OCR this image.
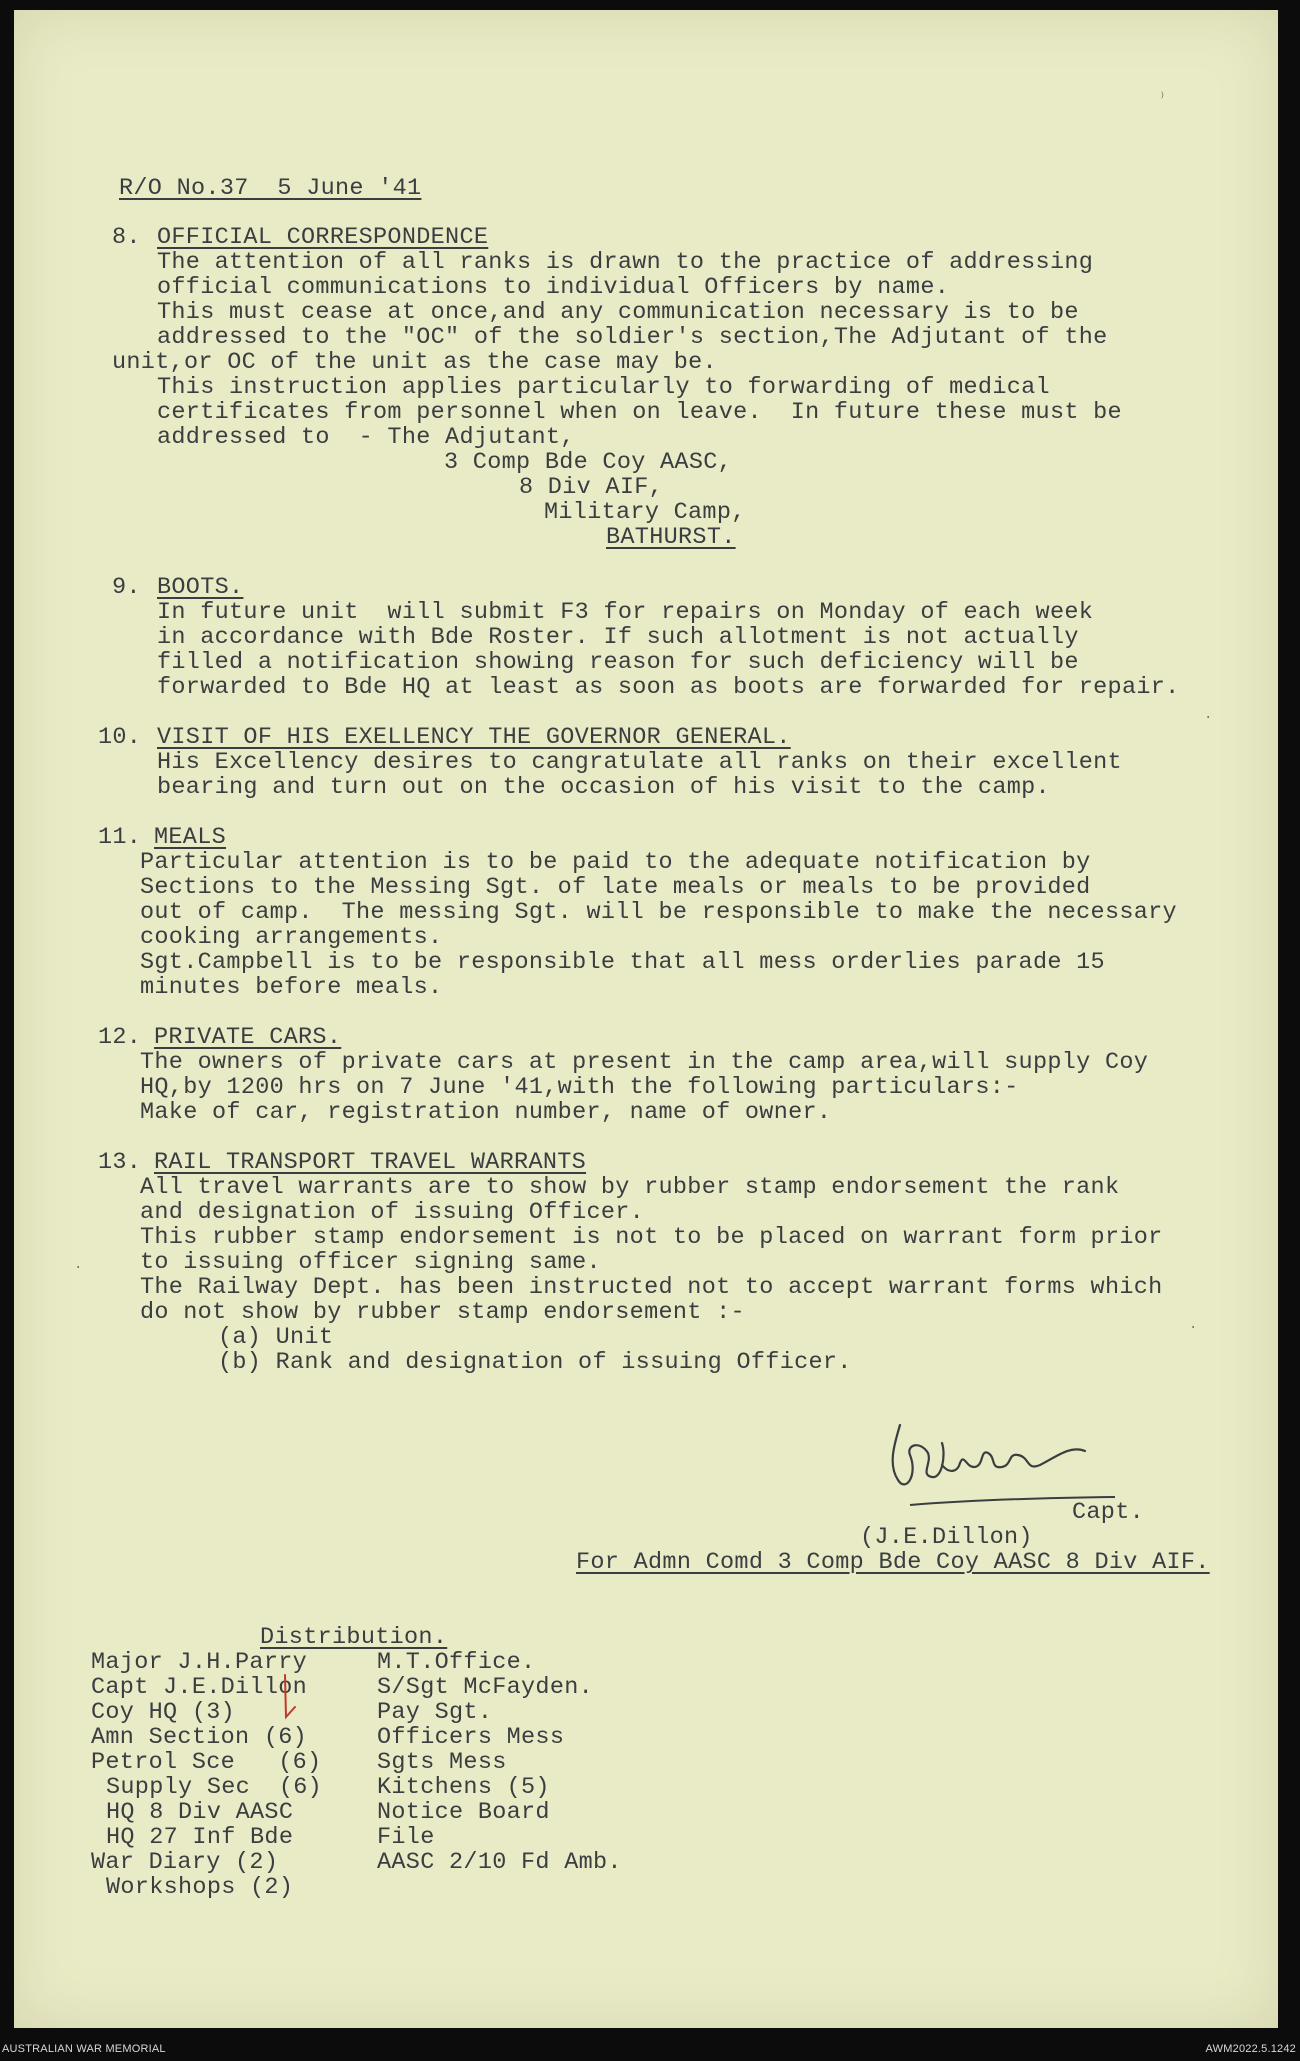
R/O No.37  5 June '41
8. OFFICIAL CORRESPONDENCE
The attention of all ranks is drawn to the practice of addressing
official communications to individual Officers by name.
This must cease at once,and any communication necessary is to be
addressed to the "OC" of the soldier's section,The Adjutant of the
unit,or OC of the unit as the case may be.
This instruction applies particularly to forwarding of medical
certificates from personnel when on leave.  In future these must be
addressed to  - The Adjutant,
3 Comp Bde Coy AASC,
8 Div AIF,
Military Camp,
BATHURST.
9. BOOTS.
In future unit  will submit F3 for repairs on Monday of each week
in accordance with Bde Roster. If such allotment is not actually
filled a notification showing reason for such deficiency will be
forwarded to Bde HQ at least as soon as boots are forwarded for repair.
10. VISIT OF HIS EXELLENCY THE GOVERNOR GENERAL.
His Excellency desires to cangratulate all ranks on their excellent
bearing and turn out on the occasion of his visit to the camp.
11. MEALS
Particular attention is to be paid to the adequate notification by
Sections to the Messing Sgt. of late meals or meals to be provided
out of camp.  The messing Sgt. will be responsible to make the necessary
cooking arrangements.
Sgt.Campbell is to be responsible that all mess orderlies parade 15
minutes before meals.
12. PRIVATE CARS.
The owners of private cars at present in the camp area,will supply Coy
HQ,by 1200 hrs on 7 June '41,with the following particulars:-
Make of car, registration number, name of owner.
13. RAIL TRANSPORT TRAVEL WARRANTS
All travel warrants are to show by rubber stamp endorsement the rank
and designation of issuing Officer.
This rubber stamp endorsement is not to be placed on warrant form prior
to issuing officer signing same.
The Railway Dept. has been instructed not to accept warrant forms which
do not show by rubber stamp endorsement :-
(a) Unit
(b) Rank and designation of issuing Officer.
Capt.
(J.E.Dillon)
For Admn Comd 3 Comp Bde Coy AASC 8 Div AIF.
Distribution.
Major J.H.Parry
Capt J.E.Dillon
Coy HQ (3)
Amn Section (6)
Petrol Sce   (6)
Supply Sec  (6)
HQ 8 Div AASC
HQ 27 Inf Bde
War Diary (2)
Workshops (2)
M.T.Office.
S/Sgt McFayden.
Pay Sgt.
Officers Mess
Sgts Mess
Kitchens (5)
Notice Board
File
AASC 2/10 Fd Amb.
⁾
·
·
·
AUSTRALIAN WAR MEMORIAL	AWM2022.5.1242
